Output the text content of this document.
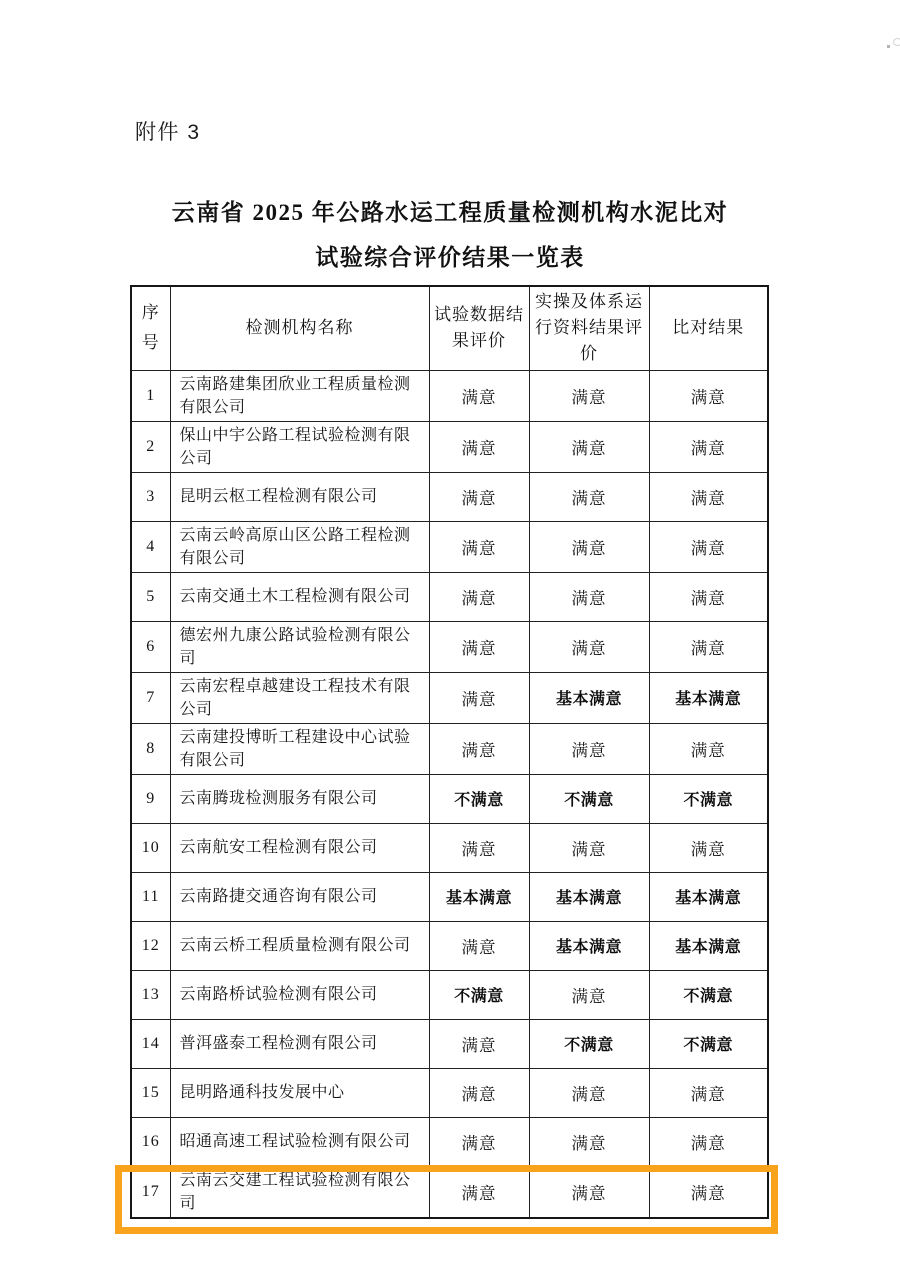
附件 3
云南省 2025 年公路水运工程质量检测机构水泥比对
试验综合评价结果一览表
序号	检测机构名称	试验数据结果评价	实操及体系运行资料结果评价	比对结果
1	云南路建集团欣业工程质量检测有限公司	满意	满意	满意
2	保山中宇公路工程试验检测有限公司	满意	满意	满意
3	昆明云枢工程检测有限公司	满意	满意	满意
4	云南云岭高原山区公路工程检测有限公司	满意	满意	满意
5	云南交通土木工程检测有限公司	满意	满意	满意
6	德宏州九康公路试验检测有限公司	满意	满意	满意
7	云南宏程卓越建设工程技术有限公司	满意	基本满意	基本满意
8	云南建投博昕工程建设中心试验有限公司	满意	满意	满意
9	云南腾珑检测服务有限公司	不满意	不满意	不满意
10	云南航安工程检测有限公司	满意	满意	满意
11	云南路捷交通咨询有限公司	基本满意	基本满意	基本满意
12	云南云桥工程质量检测有限公司	满意	基本满意	基本满意
13	云南路桥试验检测有限公司	不满意	满意	不满意
14	普洱盛泰工程检测有限公司	满意	不满意	不满意
15	昆明路通科技发展中心	满意	满意	满意
16	昭通高速工程试验检测有限公司	满意	满意	满意
17	云南云交建工程试验检测有限公司	满意	满意	满意
